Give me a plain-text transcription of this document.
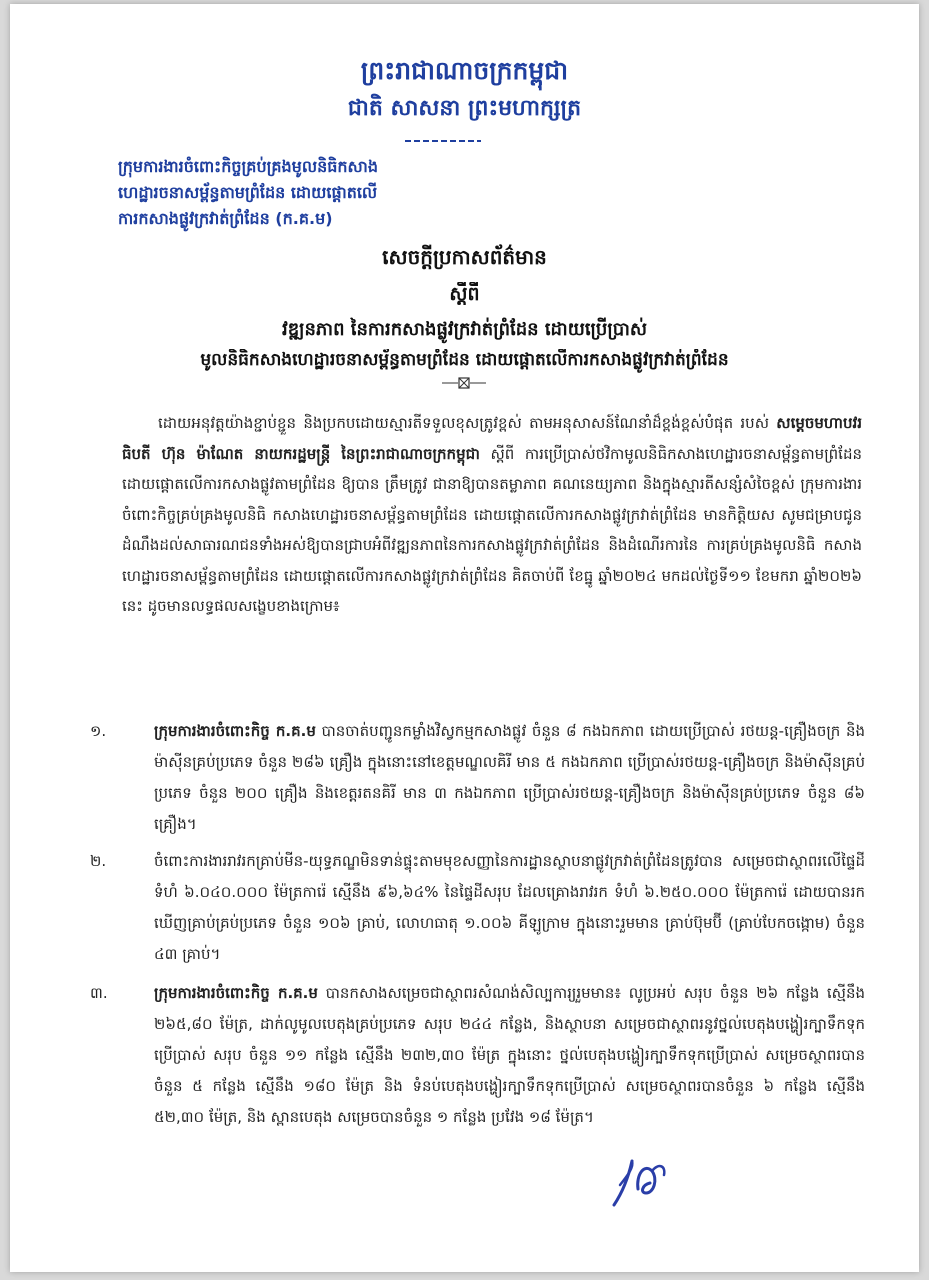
ព្រះរាជាណាចក្រកម្ពុជា
ជាតិ សាសនា ព្រះមហាក្សត្រ
ក្រុមការងារចំពោះកិច្ចគ្រប់គ្រងមូលនិធិកសាង
ហេដ្ឋារចនាសម្ព័ន្ធតាមព្រំដែន ដោយផ្ដោតលើ
ការកសាងផ្លូវក្រវាត់ព្រំដែន (ក.គ.ម)
សេចក្ដីប្រកាសព័ត៌មាន
ស្ដីពី
វឌ្ឍនភាព នៃការកសាងផ្លូវក្រវាត់ព្រំដែន ដោយប្រើប្រាស់
មូលនិធិកសាងហេដ្ឋារចនាសម្ព័ន្ធតាមព្រំដែន ដោយផ្ដោតលើការកសាងផ្លូវក្រវាត់ព្រំដែន
ដោយអនុវត្តយ៉ាងខ្ជាប់ខ្ជួន និងប្រកបដោយស្មារតីទទួលខុសត្រូវខ្ពស់ តាមអនុសាសន៍ណែនាំដ៏ខ្ពង់ខ្ពស់បំផុត របស់ សម្ដេចមហាបវរធិបតី ហ៊ុន ម៉ាណែត នាយករដ្ឋមន្ត្រី នៃព្រះរាជាណាចក្រកម្ពុជា ស្ដីពី ការប្រើប្រាស់ថវិកាមូលនិធិកសាងហេដ្ឋារចនាសម្ព័ន្ធតាមព្រំដែន ដោយផ្ដោតលើការកសាងផ្លូវតាមព្រំដែន ឱ្យបាន ត្រឹមត្រូវ ជានាឱ្យបានតម្លាភាព គណនេយ្យភាព និងក្នុងស្មារតីសន្សំសំចៃខ្ពស់ ក្រុមការងារចំពោះកិច្ចគ្រប់គ្រងមូលនិធិ កសាងហេដ្ឋារចនាសម្ព័ន្ធតាមព្រំដែន ដោយផ្ដោតលើការកសាងផ្លូវក្រវាត់ព្រំដែន មានកិត្តិយស សូមជម្រាបជូន ដំណឹងដល់សាធារណជនទាំងអស់ឱ្យបានជ្រាបអំពីវឌ្ឍនភាពនៃការកសាងផ្លូវក្រវាត់ព្រំដែន និងដំណើរការនៃ ការគ្រប់គ្រងមូលនិធិ កសាងហេដ្ឋារចនាសម្ព័ន្ធតាមព្រំដែន ដោយផ្ដោតលើការកសាងផ្លូវក្រវាត់ព្រំដែន គិតចាប់ពី ខែធ្នូ ឆ្នាំ២០២៤ មកដល់ថ្ងៃទី១១ ខែមករា ឆ្នាំ២០២៦ នេះ ដូចមានលទ្ធផលសង្ខេបខាងក្រោម៖
១.	ក្រុមការងារចំពោះកិច្ច ក.គ.ម បានចាត់បញ្ជូនកម្លាំងវិស្វកម្មកសាងផ្លូវ ចំនួន ៨ កងឯកភាព ដោយប្រើប្រាស់ រថយន្ត-គ្រឿងចក្រ និងម៉ាស៊ីនគ្រប់ប្រភេទ ចំនួន ២៨៦ គ្រឿង ក្នុងនោះនៅខេត្តមណ្ឌលគិរី មាន ៥ កងឯកភាព ប្រើប្រាស់រថយន្ត-គ្រឿងចក្រ និងម៉ាស៊ីនគ្រប់ប្រភេទ ចំនួន ២០០ គ្រឿង និងខេត្តរតនគិរី មាន ៣ កងឯកភាព ប្រើប្រាស់រថយន្ត-គ្រឿងចក្រ និងម៉ាស៊ីនគ្រប់ប្រភេទ ចំនួន ៨៦ គ្រឿង។
២.	ចំពោះការងាររាវរកគ្រាប់មីន-យុទ្ធភណ្ឌមិនទាន់ផ្ទុះតាមមុខសញ្ញានៃការដ្ឋានស្ថាបនាផ្លូវក្រវាត់ព្រំដែនត្រូវបាន សម្រេចជាស្ថាពរលើផ្ទៃដីទំហំ ៦.០៤០.០០០ ម៉ែត្រការ៉េ ស្មើនឹង ៩៦,៦៤% នៃផ្ទៃដីសរុប ដែលគ្រោងរាវរក ទំហំ ៦.២៥០.០០០ ម៉ែត្រការ៉េ ដោយបានរកឃើញគ្រាប់គ្រប់ប្រភេទ ចំនួន ១០៦ គ្រាប់, លោហធាតុ ១.០០៦ គីឡូក្រាម ក្នុងនោះរួមមាន គ្រាប់ប៊ុមប៊ី (គ្រាប់បែកចង្កោម) ចំនួន ៤៣ គ្រាប់។
៣.	ក្រុមការងារចំពោះកិច្ច ក.គ.ម បានកសាងសម្រេចជាស្ថាពរសំណង់សិល្បការ្យរួមមាន៖ លូប្រអប់ សរុប ចំនួន ២៦ កន្លែង ស្មើនឹង ២៦៥,៨០ ម៉ែត្រ, ដាក់លូមូលបេតុងគ្រប់ប្រភេទ សរុប ២៤៤ កន្លែង, និងស្ថាបនា សម្រេចជាស្ថាពរនូវថ្នល់បេតុងបង្ហៀរក្បាទឹកទុកប្រើប្រាស់ សរុប ចំនួន ១១ កន្លែង ស្មើនឹង ២៣២,៣០ ម៉ែត្រ ក្នុងនោះ ថ្នល់បេតុងបង្ហៀរក្បាទឹកទុកប្រើប្រាស់ សម្រេចស្ថាពរបានចំនួន ៥ កន្លែង ស្មើនឹង ១៨០ ម៉ែត្រ និង ទំនប់បេតុងបង្ហៀរក្បាទឹកទុកប្រើប្រាស់ សម្រេចស្ថាពរបានចំនួន ៦ កន្លែង ស្មើនឹង ៥២,៣០ ម៉ែត្រ, និង ស្ពានបេតុង សម្រេចបានចំនួន ១ កន្លែង ប្រវែង ១៨ ម៉ែត្រ។
